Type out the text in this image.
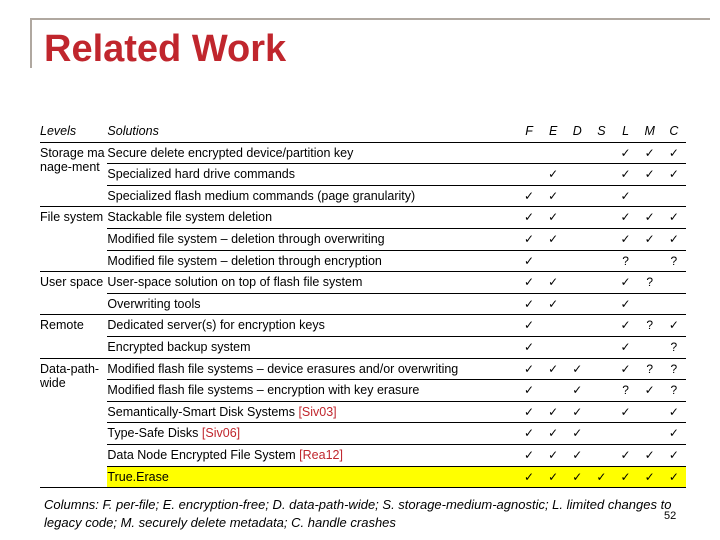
Related Work
Levels	Solutions	F	E	D	S	L	M	C
Storage manage-ment	Secure delete encrypted device/partition key					✓	✓	✓
	Specialized hard drive commands		✓			✓	✓	✓
	Specialized flash medium commands (page granularity)	✓	✓			✓		
File system	Stackable file system deletion	✓	✓			✓	✓	✓
	Modified file system – deletion through overwriting	✓	✓			✓	✓	✓
	Modified file system – deletion through encryption	✓				?		?
User space	User-space solution on top of flash file system	✓	✓			✓	?	
	Overwriting tools	✓	✓			✓		
Remote	Dedicated server(s) for encryption keys	✓				✓	?	✓
	Encrypted backup system	✓				✓		?
Data-path-wide	Modified flash file systems – device erasures and/or overwriting	✓	✓	✓		✓	?	?
	Modified flash file systems – encryption with key erasure	✓		✓		?	✓	?
	Semantically-Smart Disk Systems [Siv03]	✓	✓	✓		✓		✓
	Type-Safe Disks [Siv06]	✓	✓	✓				✓
	Data Node Encrypted File System [Rea12]	✓	✓	✓		✓	✓	✓
	True.Erase	✓	✓	✓	✓	✓	✓	✓
Columns: F. per-file; E. encryption-free; D. data-path-wide; S. storage-medium-agnostic; L. limited changes to legacy code; M. securely delete metadata; C. handle crashes	52
